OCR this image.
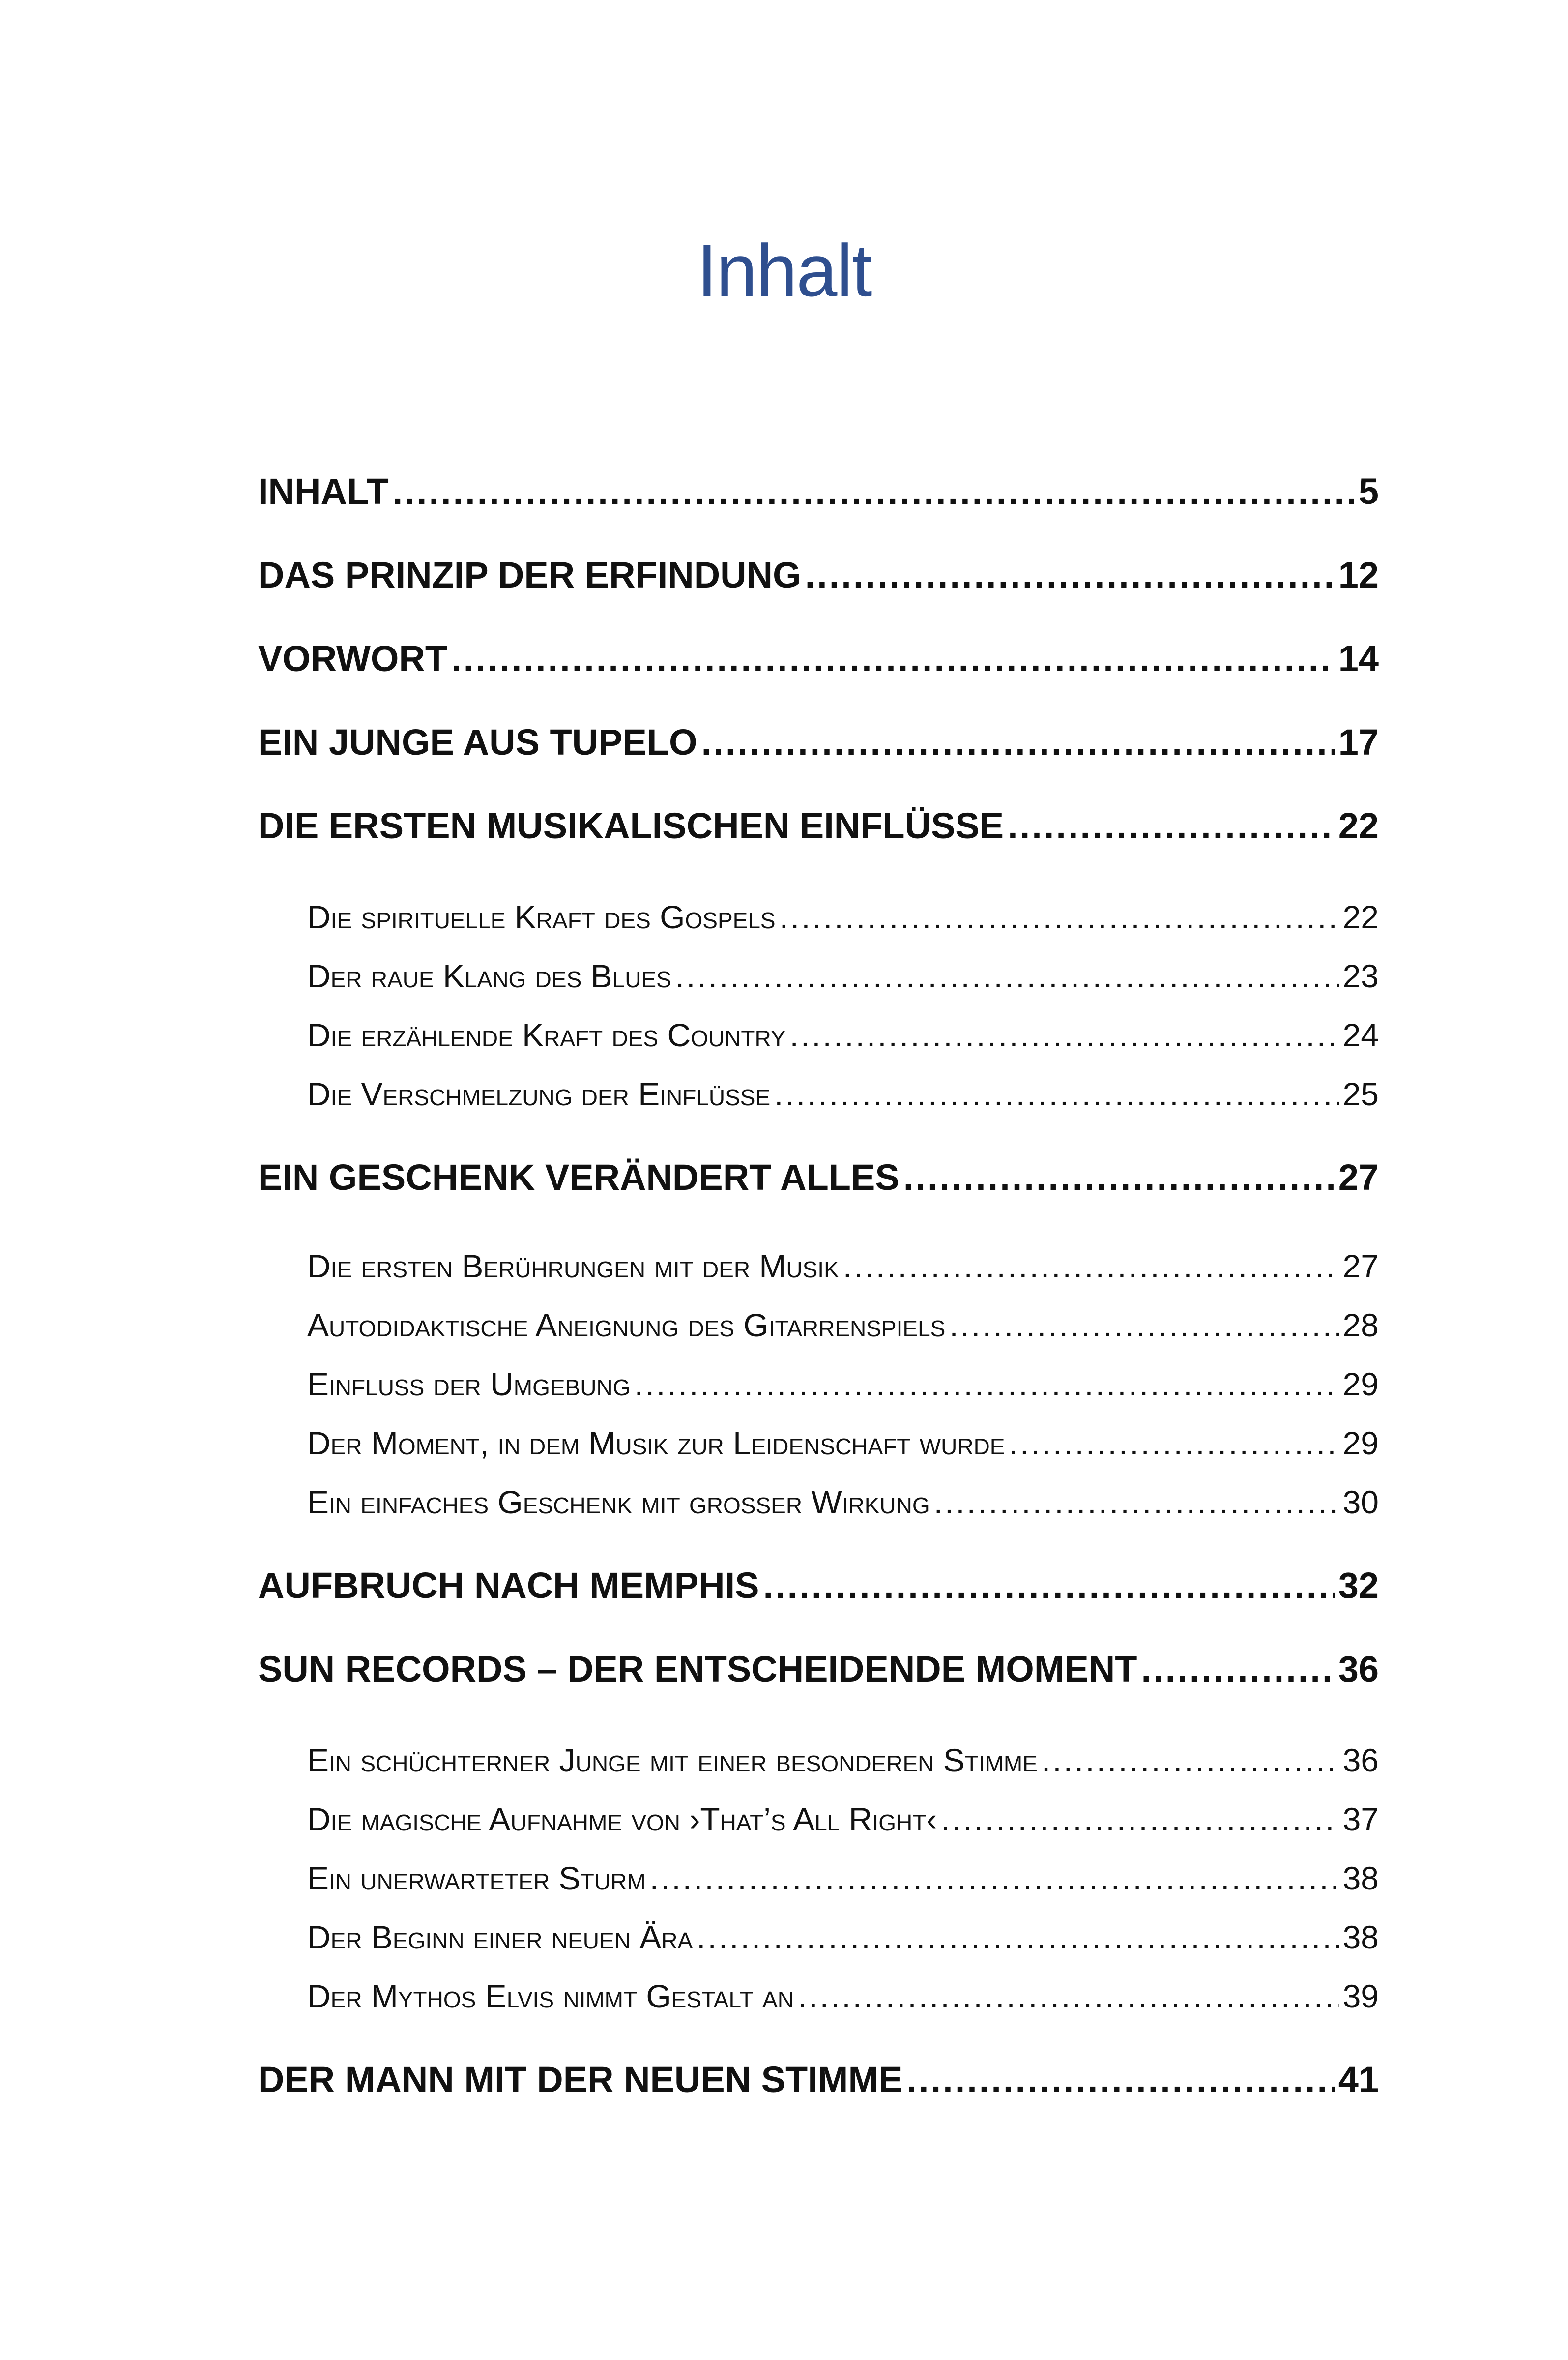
Inhalt
INHALT .....	5
DAS PRINZIP DER ERFINDUNG .....	12
VORWORT .....	14
EIN JUNGE AUS TUPELO .....	17
DIE ERSTEN MUSIKALISCHEN EINFLÜSSE .....	22
Die spirituelle Kraft des Gospels .....	22
Der raue Klang des Blues .....	23
Die erzählende Kraft des Country .....	24
Die Verschmelzung der Einflüsse .....	25
EIN GESCHENK VERÄNDERT ALLES .....	27
Die ersten Berührungen mit der Musik .....	27
Autodidaktische Aneignung des Gitarrenspiels .....	28
Einfluss der Umgebung .....	29
Der Moment, in dem Musik zur Leidenschaft wurde .....	29
Ein einfaches Geschenk mit großer Wirkung .....	30
AUFBRUCH NACH MEMPHIS .....	32
SUN RECORDS – DER ENTSCHEIDENDE MOMENT .....	36
Ein schüchterner Junge mit einer besonderen Stimme .....	36
Die magische Aufnahme von ›That’s All Right‹ .....	37
Ein unerwarteter Sturm .....	38
Der Beginn einer neuen Ära .....	38
Der Mythos Elvis nimmt Gestalt an .....	39
DER MANN MIT DER NEUEN STIMME .....	41
